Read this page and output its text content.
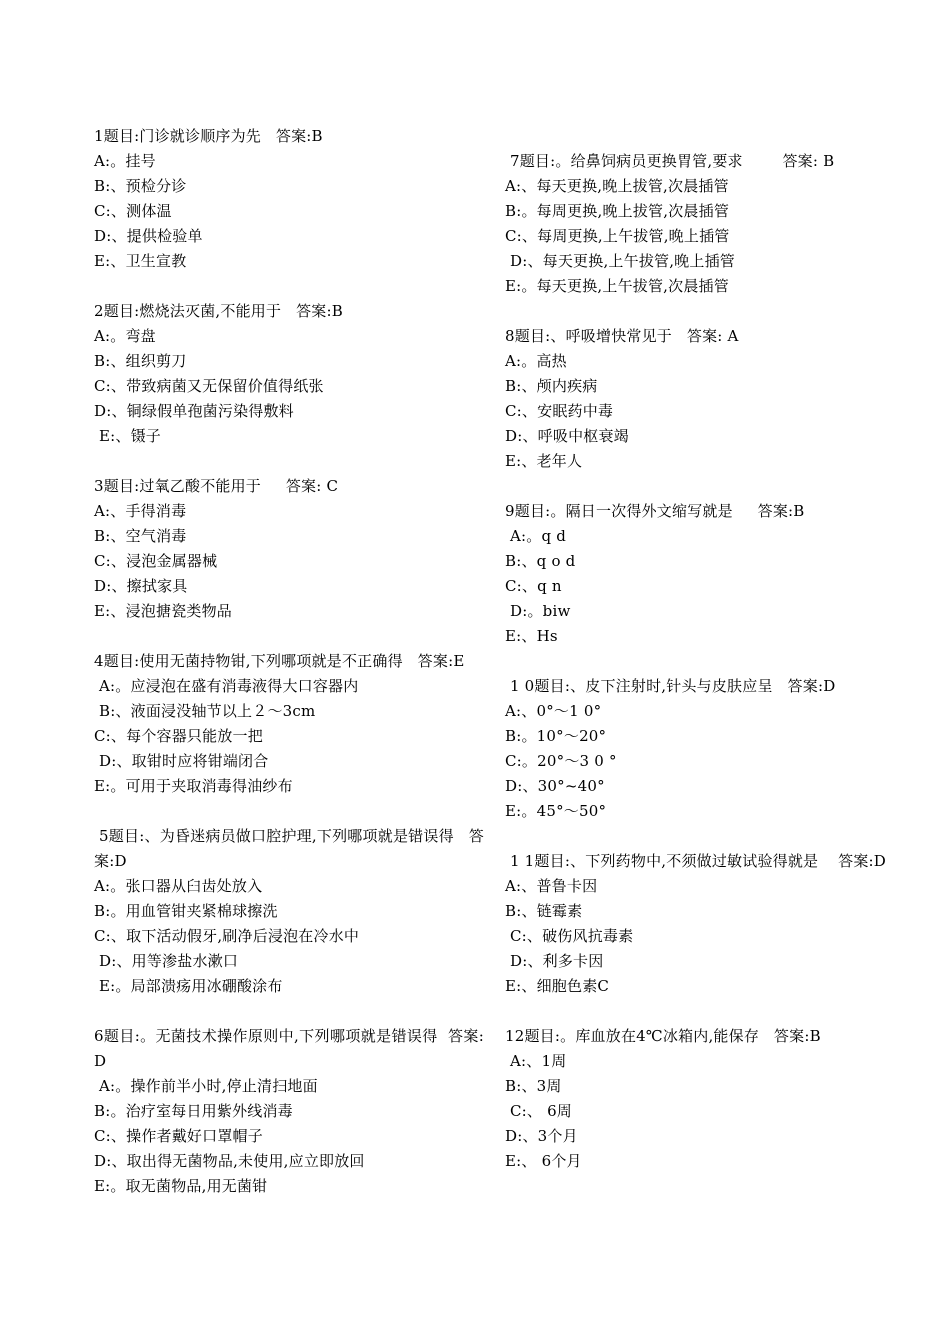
1题目:门诊就诊顺序为先   答案:B
A:。挂号
B:、预检分诊
C:、测体温
D:、提供检验单
E:、卫生宣教
2题目:燃烧法灭菌,不能用于   答案:B
A:。弯盘
B:、组织剪刀
C:、带致病菌又无保留价值得纸张
D:、铜绿假单孢菌污染得敷料
E:、镊子
3题目:过氧乙酸不能用于     答案: C
A:、手得消毒
B:、空气消毒
C:、浸泡金属器械
D:、擦拭家具
E:、浸泡搪瓷类物品
4题目:使用无菌持物钳,下列哪项就是不正确得   答案:E
A:。应浸泡在盛有消毒液得大口容器内
B:、液面浸没轴节以上２～3cm
C:、每个容器只能放一把
D:、取钳时应将钳端闭合
E:。可用于夹取消毒得油纱布
5题目:、为昏迷病员做口腔护理,下列哪项就是错误得   答案:D
A:。张口器从臼齿处放入
B:。用血管钳夹紧棉球擦洗
C:、取下活动假牙,刷净后浸泡在冷水中
D:、用等渗盐水漱口
E:。局部溃疡用冰硼酸涂布
6题目:。无菌技术操作原则中,下列哪项就是错误得  答案:D
A:。操作前半小时,停止清扫地面
B:。治疗室每日用紫外线消毒
C:、操作者戴好口罩帽子
D:、取出得无菌物品,未使用,应立即放回
E:。取无菌物品,用无菌钳
7题目:。给鼻饲病员更换胃管,要求        答案: B
A:、每天更换,晚上拔管,次晨插管
B:。每周更换,晚上拔管,次晨插管
C:、每周更换,上午拔管,晚上插管
D:、每天更换,上午拔管,晚上插管
E:。每天更换,上午拔管,次晨插管
8题目:、呼吸增快常见于   答案: A
A:。高热
B:、颅内疾病
C:、安眠药中毒
D:、呼吸中枢衰竭
E:、老年人
9题目:。隔日一次得外文缩写就是     答案:B
A:。q d
B:、q o d
C:、q n
D:。biw
E:、Hs
1 0题目:、皮下注射时,针头与皮肤应呈   答案:D
A:、0°～1 0°
B:。10°～20°
C:。20°～3 0 °
D:、30°~40°
E:。45°～50°
1 1题目:、下列药物中,不须做过敏试验得就是    答案:D
A:、普鲁卡因
B:、链霉素
C:、破伤风抗毒素
D:、利多卡因
E:、细胞色素C
12题目:。库血放在4℃冰箱内,能保存   答案:B
A:、1周
B:、3周
C:、 6周
D:、3个月
E:、 6个月
